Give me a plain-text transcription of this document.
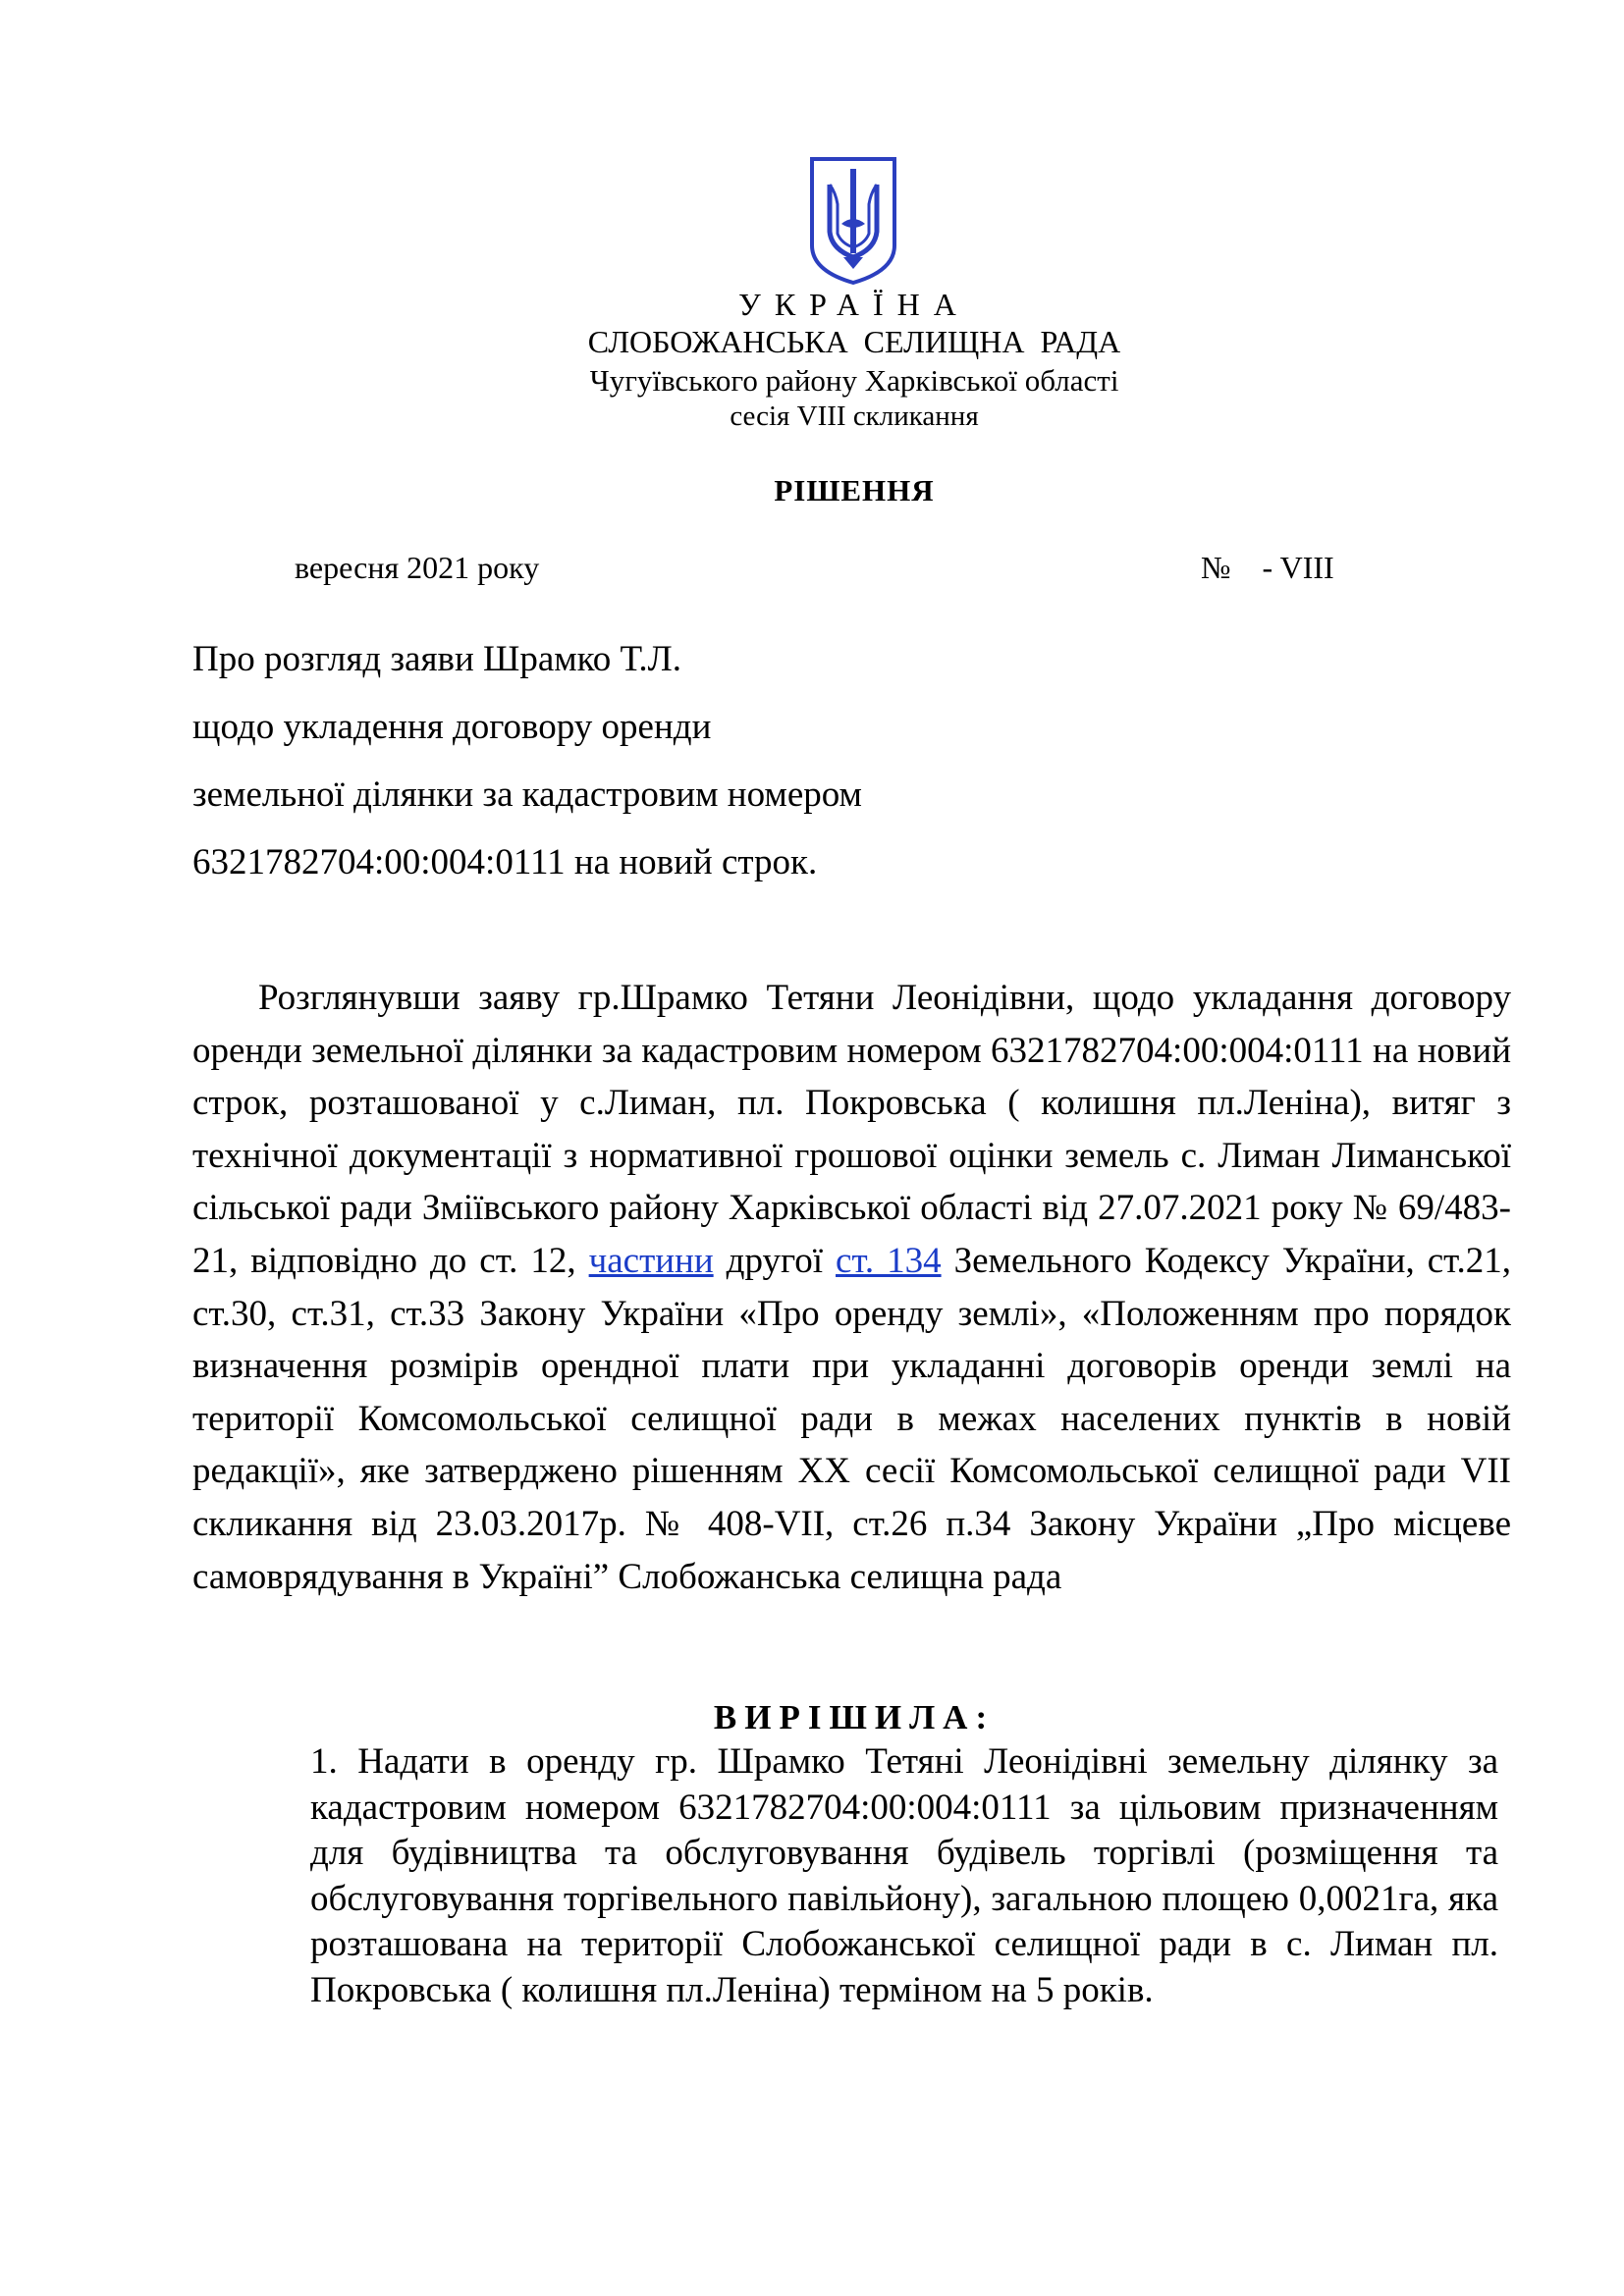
УКРАЇНА
СЛОБОЖАНСЬКА СЕЛИЩНА РАДА
Чугуївського району Харківської області
сесія VIII скликання
РІШЕННЯ
вересня 2021 року	№    - VIII
Про розгляд заяви Шрамко Т.Л.
щодо укладення договору оренди
земельної ділянки за кадастровим номером
6321782704:00:004:0111 на новий строк.

Розглянувши заяву гр.Шрамко Тетяни Леонідівни, щодо укладання договору оренди земельної ділянки за кадастровим номером 6321782704:00:004:0111 на новий строк, розташованої у с.Лиман, пл. Покровська ( колишня пл.Леніна), витяг з технічної документації з нормативної грошової оцінки земель с. Лиман Лиманської сільської ради Зміївського району Харківської області від 27.07.2021 року № 69/483-21, відповідно до ст. 12, частини другої ст. 134 Земельного Кодексу України, ст.21, ст.30, ст.31, ст.33 Закону України «Про оренду землі», «Положенням про порядок визначення розмірів орендної плати при укладанні договорів оренди землі на території Комсомольської селищної ради в межах населених пунктів в новій редакції», яке затверджено рішенням ХХ сесії Комсомольської селищної ради VІІ скликання від 23.03.2017р. № 408-VII, ст.26 п.34 Закону України „Про місцеве самоврядування в Україні” Слобожанська селищна рада

ВИРІШИЛА:

1. Надати в оренду гр. Шрамко Тетяні Леонідівні земельну ділянку за кадастровим номером 6321782704:00:004:0111 за цільовим призначенням для будівництва та обслуговування будівель торгівлі (розміщення та обслуговування торгівельного павільйону), загальною площею 0,0021га, яка розташована на території Слобожанської селищної ради в с. Лиман пл. Покровська ( колишня пл.Леніна) терміном на 5 років.
